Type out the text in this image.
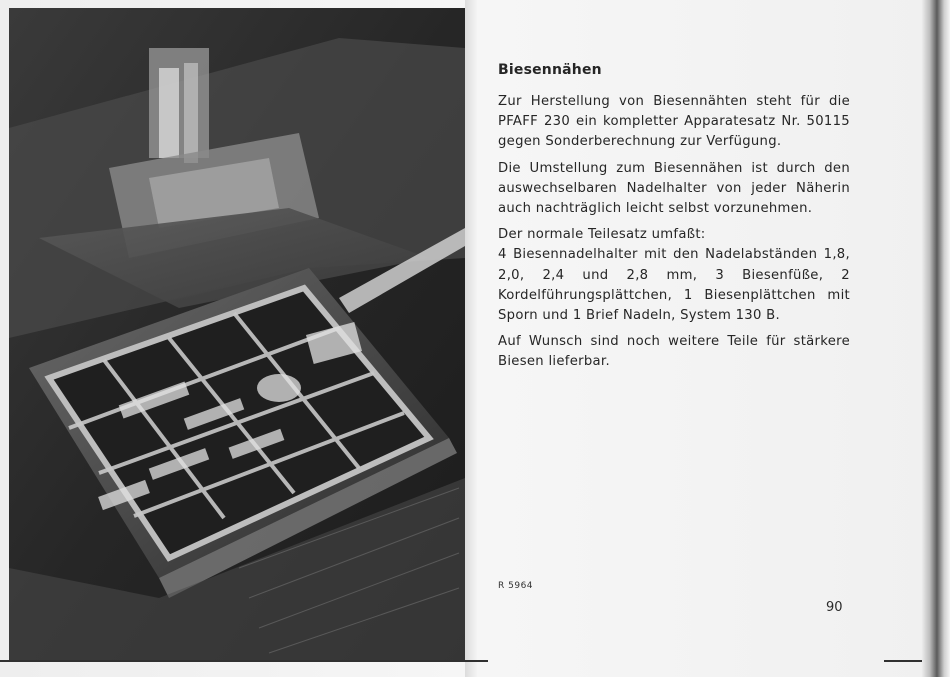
Biesennähen

Zur Herstellung von Biesennähten steht für die PFAFF 230 ein kompletter Apparatesatz Nr. 50115 gegen Sonderberechnung zur Verfügung.

Die Umstellung zum Biesennähen ist durch den auswechselbaren Nadelhalter von jeder Näherin auch nachträglich leicht selbst vorzunehmen.

Der normale Teilesatz umfaßt:

4 Biesennadelhalter mit den Nadelabständen 1,8, 2,0, 2,4 und 2,8 mm, 3 Biesenfüße, 2 Kordelführungsplättchen, 1 Biesenplättchen mit Sporn und 1 Brief Nadeln, System 130 B.

Auf Wunsch sind noch weitere Teile für stärkere Biesen lieferbar.

R 5964
90
